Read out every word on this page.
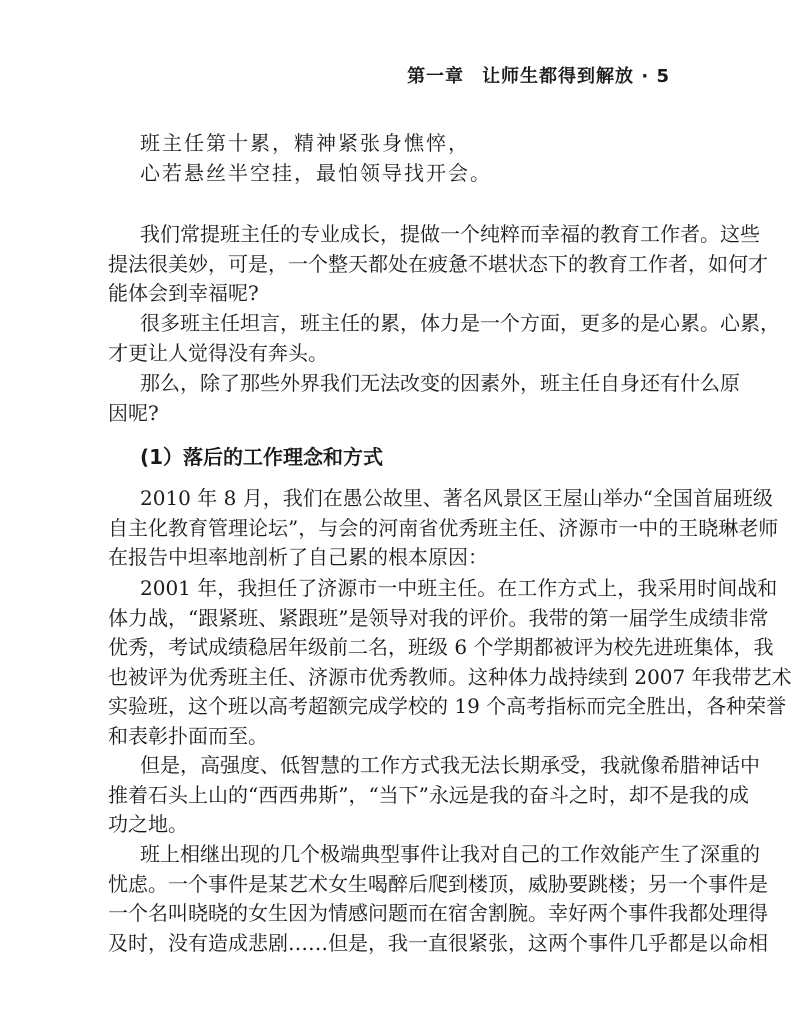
第一章 让师生都得到解放 · 5
班主任第十累，精神紧张身憔悴，
心若悬丝半空挂，最怕领导找开会。
(1）落后的工作理念和方式
我们常提班主任的专业成长，提做一个纯粹而幸福的教育工作者。这些
提法很美妙，可是，一个整天都处在疲惫不堪状态下的教育工作者，如何才
能体会到幸福呢?
很多班主任坦言，班主任的累，体力是一个方面，更多的是心累。心累，
才更让人觉得没有奔头。
那么，除了那些外界我们无法改变的因素外，班主任自身还有什么原
因呢?
2010 年 8 月，我们在愚公故里、著名风景区王屋山举办“全国首届班级
自主化教育管理论坛”，与会的河南省优秀班主任、济源市一中的王晓琳老师
在报告中坦率地剖析了自己累的根本原因：
2001 年，我担任了济源市一中班主任。在工作方式上，我采用时间战和
体力战，“跟紧班、紧跟班”是领导对我的评价。我带的第一届学生成绩非常
优秀，考试成绩稳居年级前二名，班级 6 个学期都被评为校先进班集体，我
也被评为优秀班主任、济源市优秀教师。这种体力战持续到 2007 年我带艺术
实验班，这个班以高考超额完成学校的 19 个高考指标而完全胜出，各种荣誉
和表彰扑面而至。
但是，高强度、低智慧的工作方式我无法长期承受，我就像希腊神话中
推着石头上山的“西西弗斯”，“当下”永远是我的奋斗之时，却不是我的成
功之地。
班上相继出现的几个极端典型事件让我对自己的工作效能产生了深重的
忧虑。一个事件是某艺术女生喝醉后爬到楼顶，威胁要跳楼；另一个事件是
一个名叫晓晓的女生因为情感问题而在宿舍割腕。幸好两个事件我都处理得
及时，没有造成悲剧……但是，我一直很紧张，这两个事件几乎都是以命相
